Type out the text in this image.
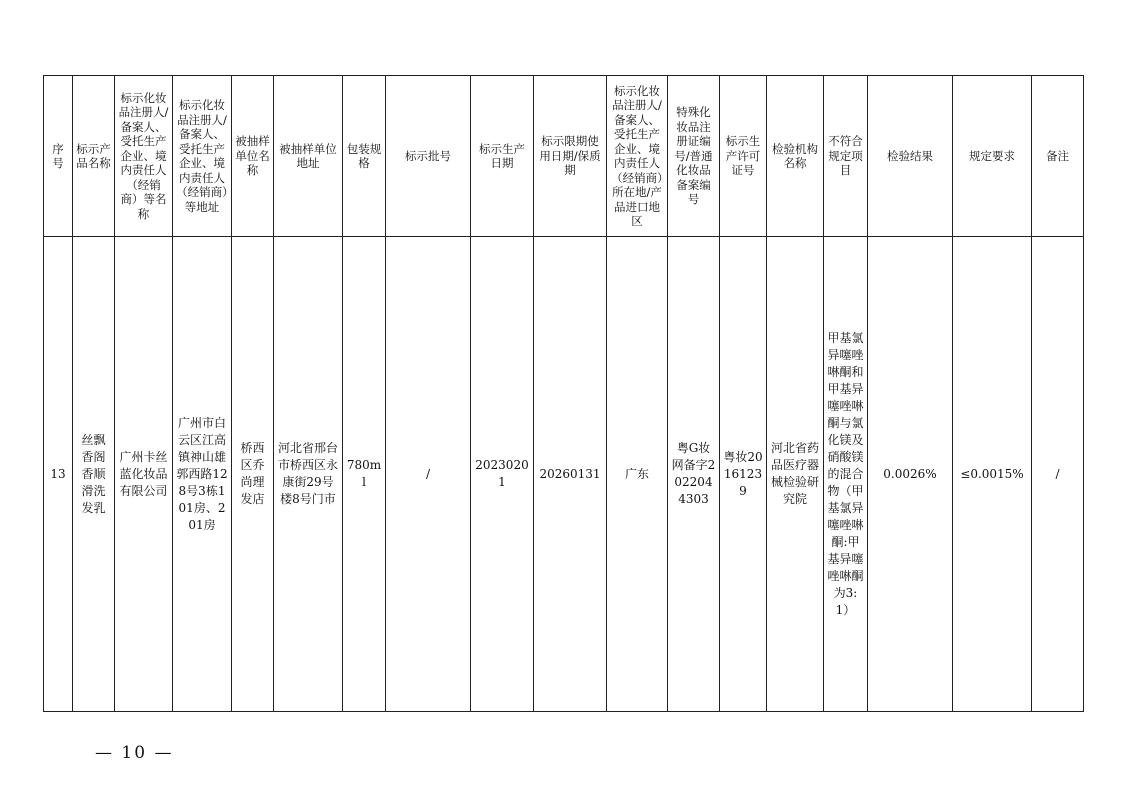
序号	标示产品名称	标示化妆品注册人/备案人、受托生产企业、境内责任人（经销商）等名称	标示化妆品注册人/备案人、受托生产企业、境内责任人（经销商）等地址	被抽样单位名称	被抽样单位地址	包装规格	标示批号	标示生产日期	标示限期使用日期/保质期	标示化妆品注册人/备案人、受托生产企业、境内责任人（经销商）所在地/产品进口地区	特殊化妆品注册证编号/普通化妆品备案编号	标示生产许可证号	检验机构名称	不符合规定项目	检验结果	规定要求	备注
13	丝飘香阁香顺滑洗发乳	广州卡丝蓝化妆品有限公司	广州市白云区江高镇神山雄郭西路128号3栋101房、201房	桥西区乔尚理发店	河北省邢台市桥西区永康街29号楼8号门市	780ml	/	20230201	20260131	广东	粤G妆网备字2022044303	粤妆20161239	河北省药品医疗器械检验研究院	甲基氯异噻唑啉酮和甲基异噻唑啉酮与氯化镁及硝酸镁的混合物（甲基氯异噻唑啉酮:甲基异噻唑啉酮为3:1）	0.0026%	≤0.0015%	/
— 10 —
